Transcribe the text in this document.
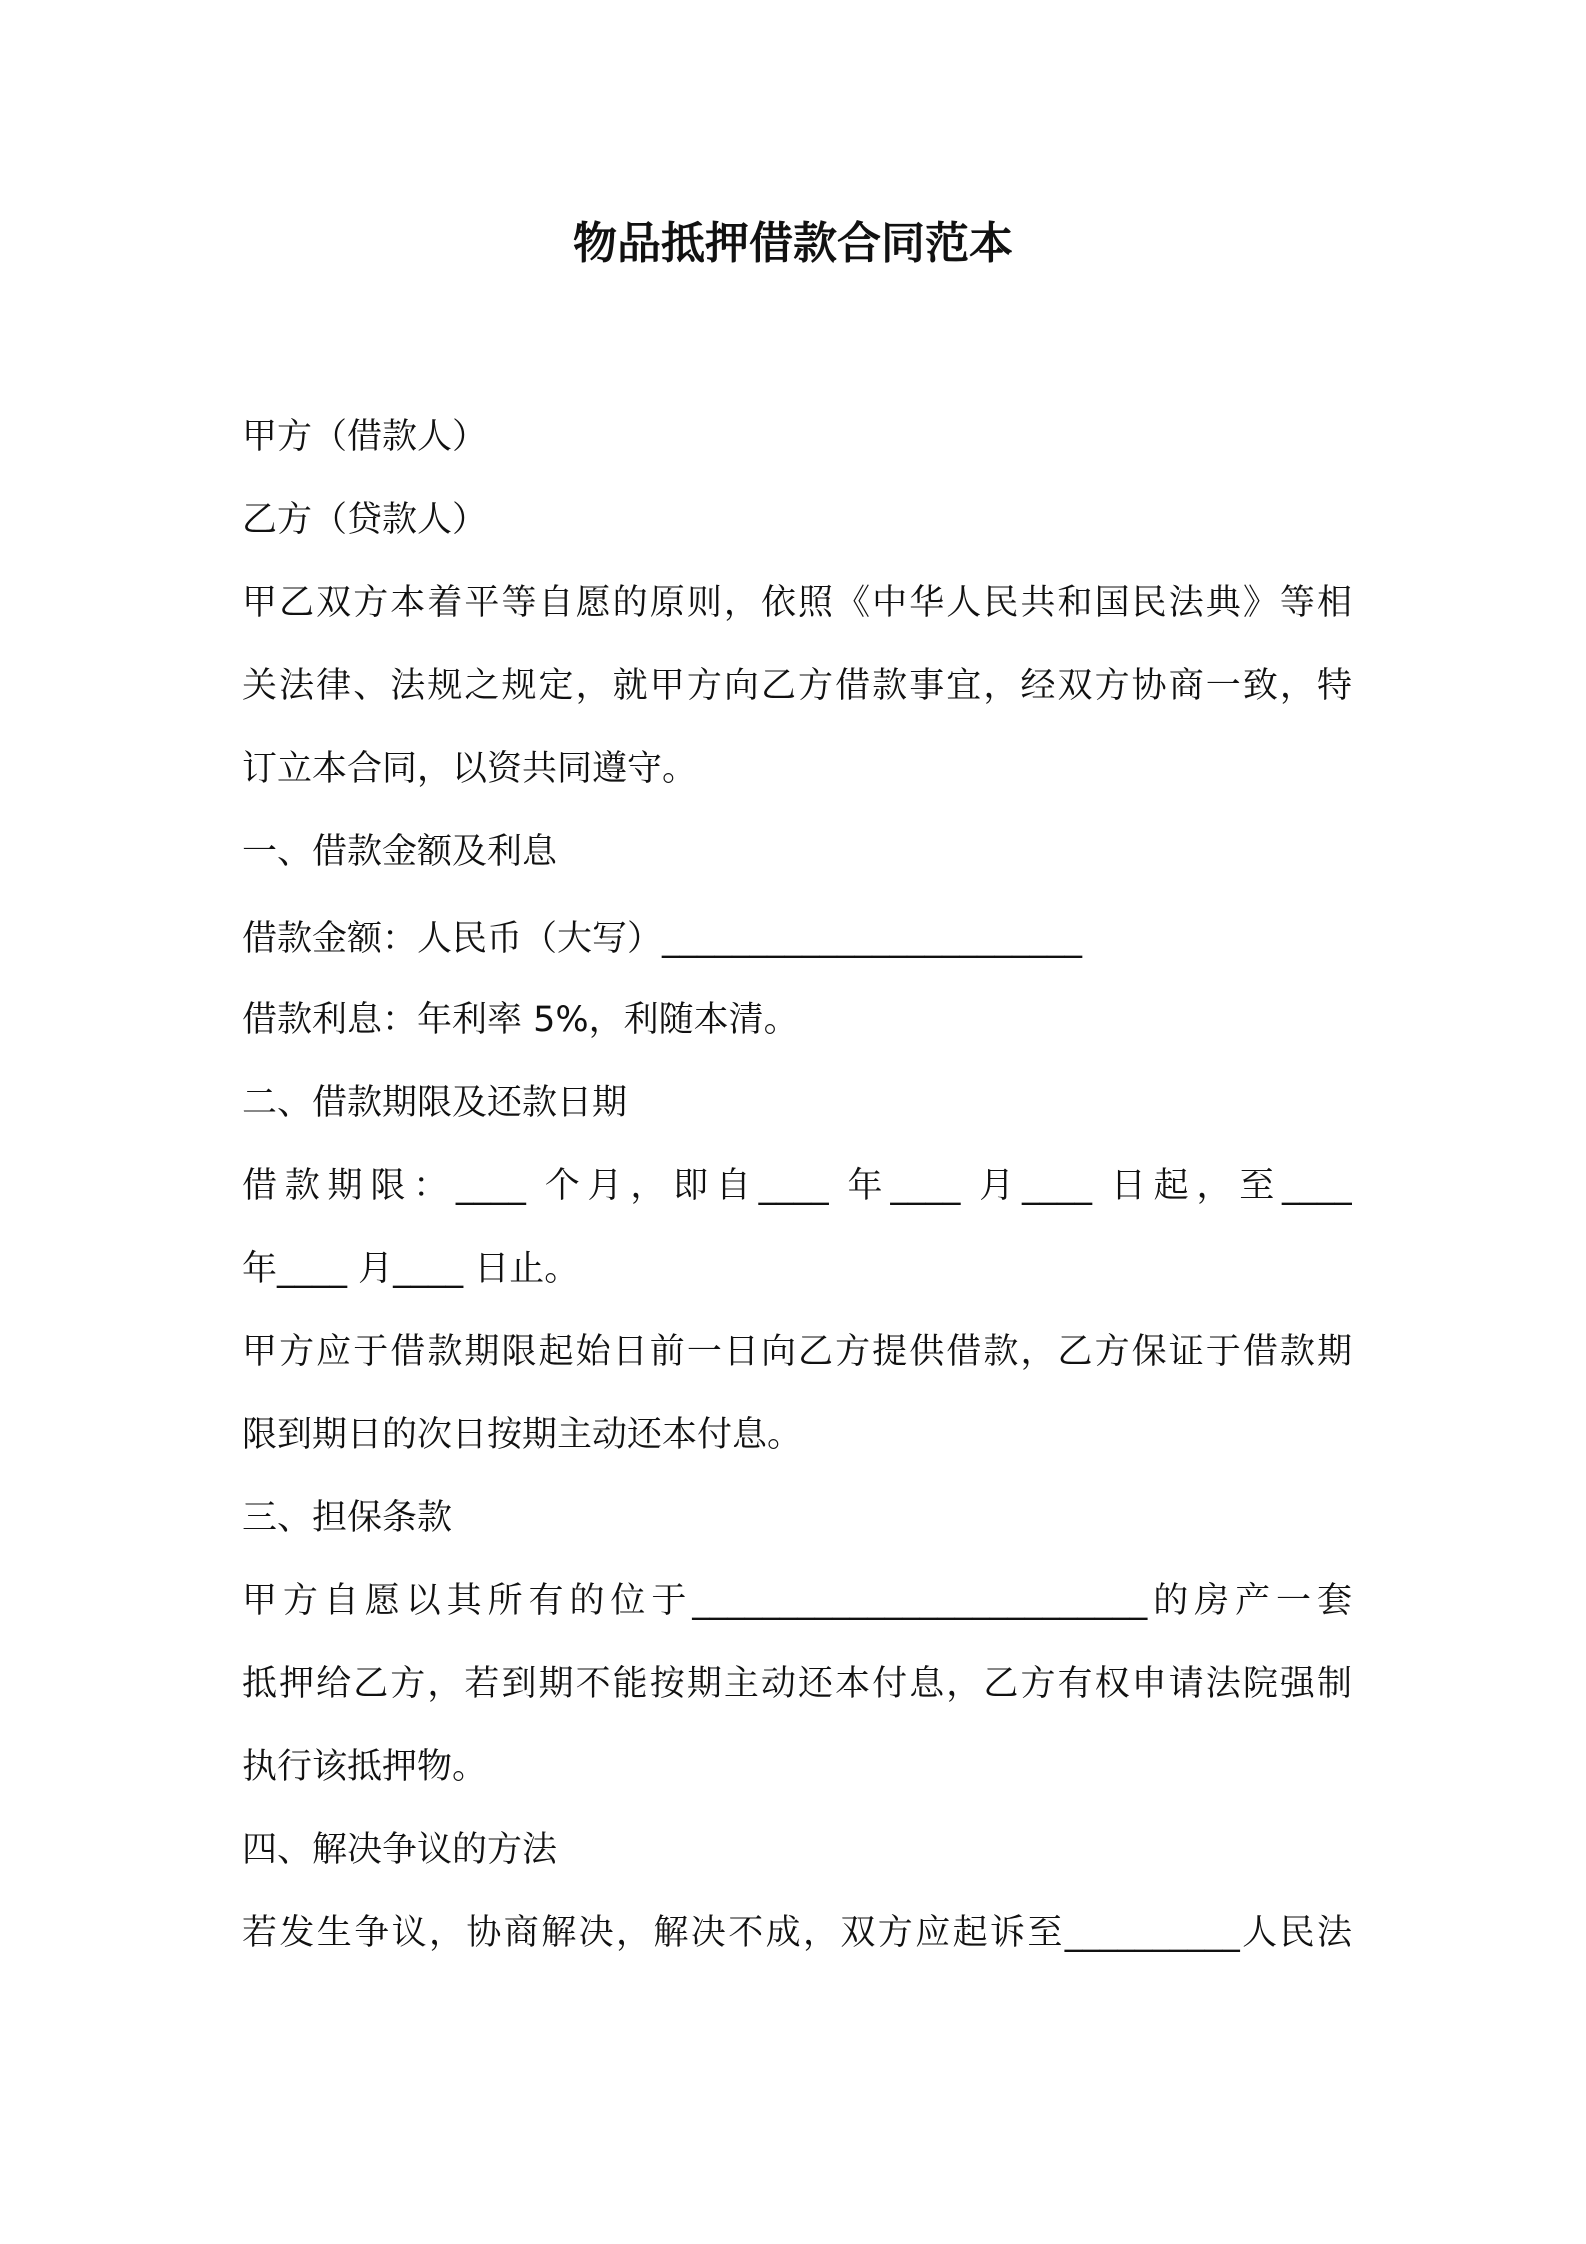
物品抵押借款合同范本
甲方（借款人）
乙方（贷款人）
甲乙双方本着平等自愿的原则，依照《中华人民共和国民法典》等相
关法律、法规之规定，就甲方向乙方借款事宜，经双方协商一致，特
订立本合同，以资共同遵守。
一、借款金额及利息
借款金额：人民币（大写）________________________
借款利息：年利率 5%，利随本清。
二、借款期限及还款日期
借款期限：____ 个月，即自____ 年____ 月____ 日起，至____
年____ 月____ 日止。
甲方应于借款期限起始日前一日向乙方提供借款，乙方保证于借款期
限到期日的次日按期主动还本付息。
三、担保条款
甲方自愿以其所有的位于__________________________的房产一套
抵押给乙方，若到期不能按期主动还本付息，乙方有权申请法院强制
执行该抵押物。
四、解决争议的方法
若发生争议，协商解决，解决不成，双方应起诉至__________人民法
